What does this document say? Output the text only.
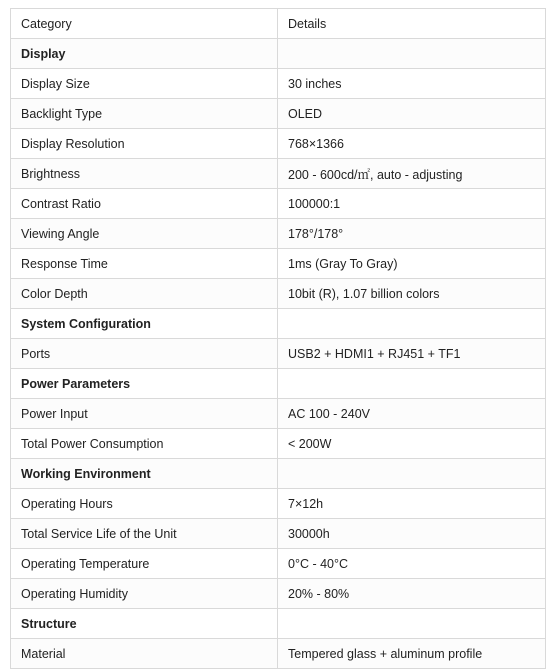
Category	Details
Display	
Display Size	30 inches
Backlight Type	OLED
Display Resolution	768×1366
Brightness	200 - 600cd/㎡, auto - adjusting
Contrast Ratio	100000:1
Viewing Angle	178°/178°
Response Time	1ms (Gray To Gray)
Color Depth	10bit (R), 1.07 billion colors
System Configuration	
Ports	USB2 + HDMI1 + RJ451 + TF1
Power Parameters	
Power Input	AC 100 - 240V
Total Power Consumption	< 200W
Working Environment	
Operating Hours	7×12h
Total Service Life of the Unit	30000h
Operating Temperature	0°C - 40°C
Operating Humidity	20% - 80%
Structure	
Material	Tempered glass + aluminum profile
